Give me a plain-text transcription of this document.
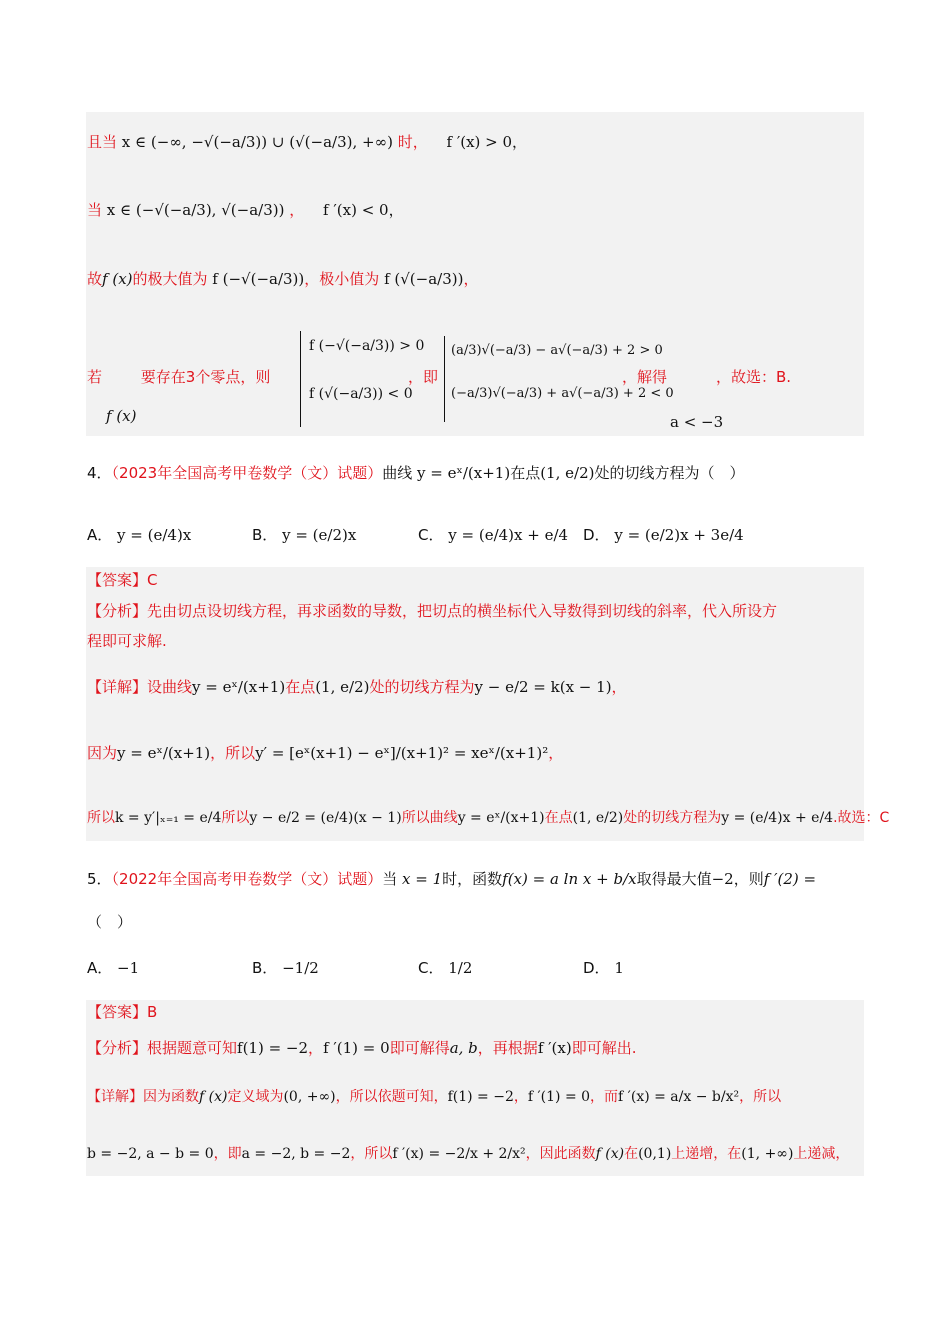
且当 x ∈ (−∞, −√(−a/3)) ∪ (√(−a/3), +∞) 时， f ′(x) > 0，
当 x ∈ (−√(−a/3), √(−a/3)) ， f ′(x) < 0，
故f (x)的极大值为 f (−√(−a/3))，极小值为 f (√(−a/3))，
若	要存在3个零点，则
f (x)
f (−√(−a/3)) > 0
f (√(−a/3)) < 0
，即
(a/3)√(−a/3) − a√(−a/3) + 2 > 0
(−a/3)√(−a/3) + a√(−a/3) + 2 < 0
，解得	，故选：B.
a < −3
4．（2023年全国高考甲卷数学（文）试题）曲线 y = eˣ/(x+1)在点(1, e/2)处的切线方程为（　）
A． y = (e/4)x	B． y = (e/2)x	C． y = (e/4)x + e/4 D． y = (e/2)x + 3e/4
【答案】C
【分析】先由切点设切线方程，再求函数的导数，把切点的横坐标代入导数得到切线的斜率，代入所设方
程即可求解.
【详解】设曲线y = eˣ/(x+1)在点(1, e/2)处的切线方程为y − e/2 = k(x − 1)，
因为y = eˣ/(x+1)，所以y′ = [eˣ(x+1) − eˣ]/(x+1)² = xeˣ/(x+1)²，
所以k = y′|ₓ₌₁ = e/4所以y − e/2 = (e/4)(x − 1)所以曲线y = eˣ/(x+1)在点(1, e/2)处的切线方程为y = (e/4)x + e/4.故选：C
5．（2022年全国高考甲卷数学（文）试题）当 x = 1时，函数f(x) = a ln x + b/x取得最大值−2，则f ′(2) =
（　）
A． −1	B． −1/2	C． 1/2	D． 1
【答案】B
【分析】根据题意可知f(1) = −2，f ′(1) = 0即可解得a, b，再根据f ′(x)即可解出.
【详解】因为函数f (x)定义域为(0, +∞)，所以依题可知，f(1) = −2，f ′(1) = 0，而f ′(x) = a/x − b/x²，所以
b = −2, a − b = 0，即a = −2, b = −2，所以f ′(x) = −2/x + 2/x²，因此函数f (x)在(0,1)上递增，在(1, +∞)上递减，
